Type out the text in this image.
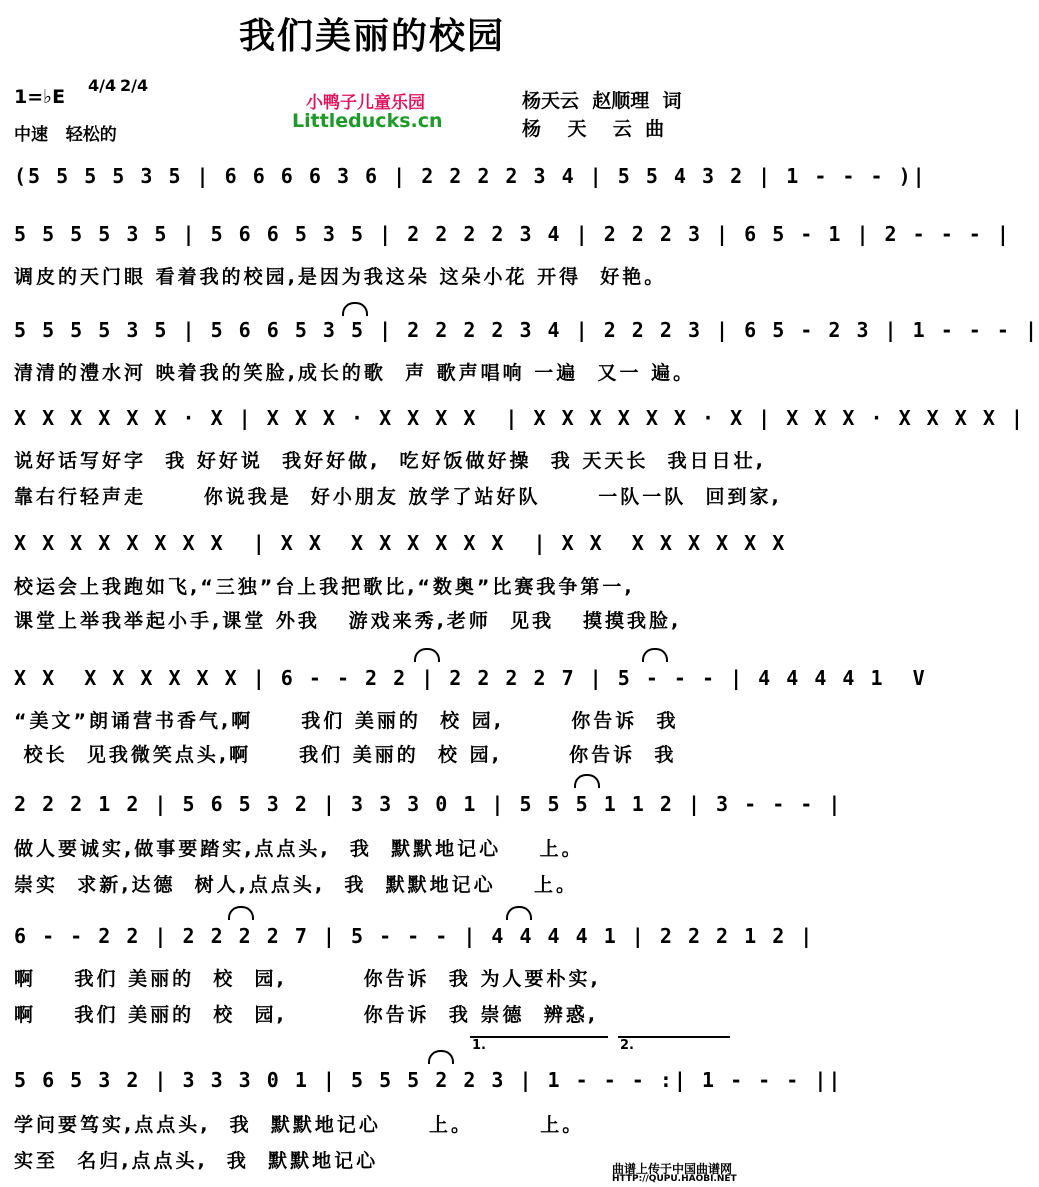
我们美丽的校园
1=♭E
4/4 2/4
中速   轻松的
小鸭子儿童乐园
Littleducks.cn
杨天云  赵顺理  词
杨    天    云  曲

(5 5 5 5 3 5 | 6 6 6 6 3 6 | 2 2 2 2 3 4 | 5 5 4 3 2 | 1 - - - )|

5 5 5 5 3 5 | 5 6 6 5 3 5 | 2 2 2 2 3 4 | 2 2 2 3 | 6 5 - 1 | 2 - - - |

调皮的天门眼 看着我的校园,是因为我这朵 这朵小花 开得  好艳。

5 5 5 5 3 5 | 5 6 6 5 3 5 | 2 2 2 2 3 4 | 2 2 2 3 | 6 5 - 2 3 | 1 - - - |

清清的澧水河 映着我的笑脸,成长的歌  声 歌声唱响 一遍  又一 遍。

X X X X X X · X | X X X · X X X X  | X X X X X X · X | X X X · X X X X |

说好话写好字  我 好好说  我好好做,  吃好饭做好操  我 天天长  我日日壮,
靠右行轻声走      你说我是  好小朋友 放学了站好队      一队一队  回到家,

X X X X X X X X  | X X  X X X X X X  | X X  X X X X X X

校运会上我跑如飞,“三独”台上我把歌比,“数奥”比赛我争第一,
课堂上举我举起小手,课堂 外我   游戏来秀,老师  见我   摸摸我脸,

X X  X X X X X X | 6 - - 2 2 | 2 2 2 2 7 | 5 - - - | 4 4 4 4 1  V

“美文”朗诵营书香气,啊     我们 美丽的  校 园,       你告诉  我
校长  见我微笑点头,啊     我们 美丽的  校 园,       你告诉  我

2 2 2 1 2 | 5 6 5 3 2 | 3 3 3 0 1 | 5 5 5 1 1 2 | 3 - - - |

做人要诚实,做事要踏实,点点头,  我  默默地记心    上。
崇实  求新,达德  树人,点点头,  我  默默地记心    上。

6 - - 2 2 | 2 2 2 2 7 | 5 - - - | 4 4 4 4 1 | 2 2 2 1 2 |

啊    我们 美丽的  校  园,        你告诉  我 为人要朴实,
啊    我们 美丽的  校  园,        你告诉  我 崇德  辨惑,
1.	2.

5 6 5 3 2 | 3 3 3 0 1 | 5 5 5 2 2 3 | 1 - - - :| 1 - - - ||

学问要笃实,点点头,  我  默默地记心     上。       上。
实至  名归,点点头,  我  默默地记心	曲谱上传于中国曲谱网
HTTP://QUPU.HAOBI.NET
